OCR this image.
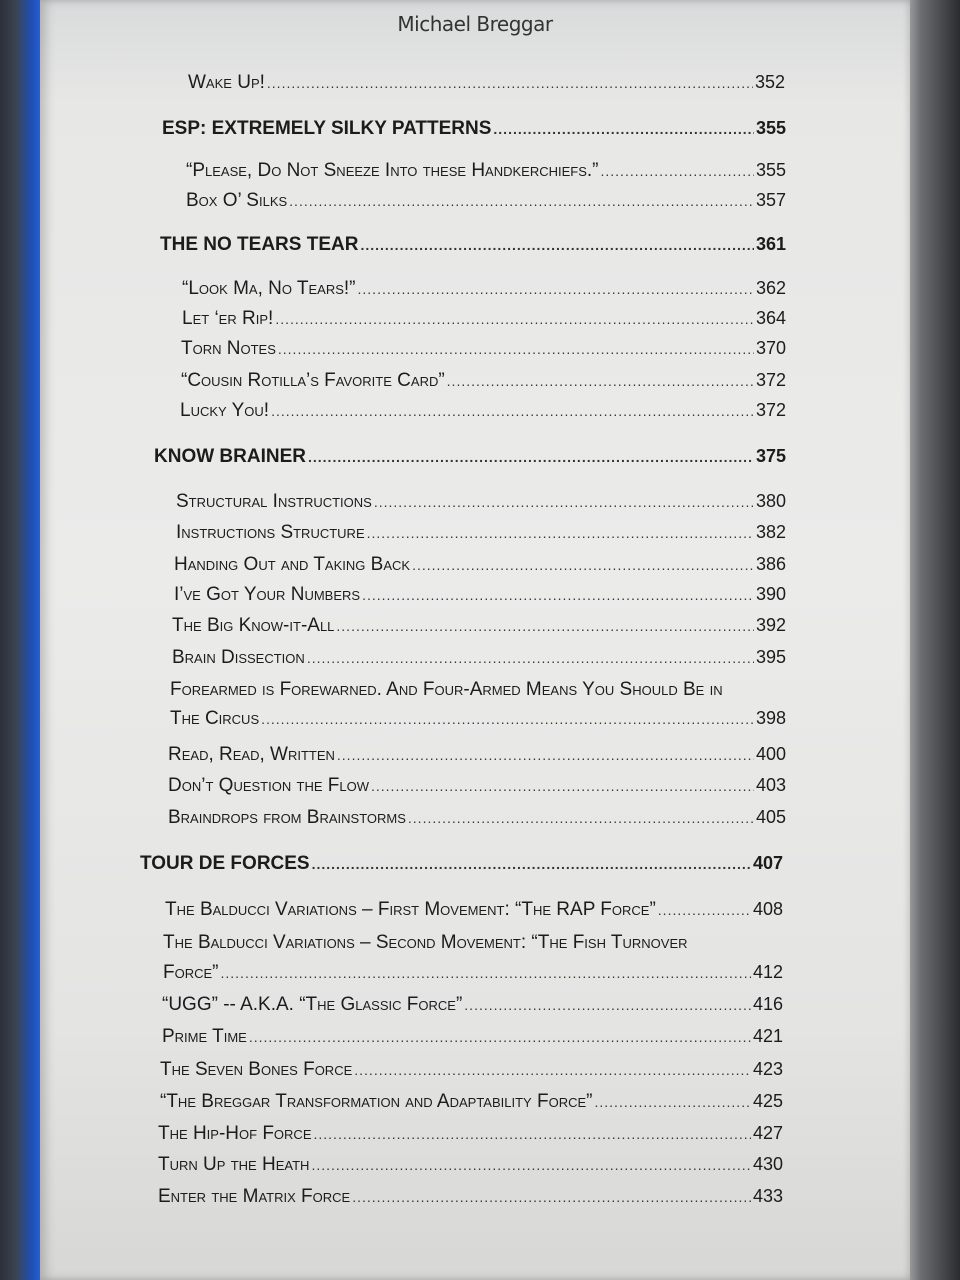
Michael Breggar
Wake Up! .....	352
ESP: EXTREMELY SILKY PATTERNS .....	355
“Please, Do Not Sneeze Into these Handkerchiefs.” .....	355
Box O’ Silks .....	357
THE NO TEARS TEAR .....	361
“Look Ma, No Tears!” .....	362
Let ‘er Rip! .....	364
Torn Notes .....	370
“Cousin Rotilla’s Favorite Card” .....	372
Lucky You! .....	372
KNOW BRAINER .....	375
Structural Instructions .....	380
Instructions Structure .....	382
Handing Out and Taking Back .....	386
I’ve Got Your Numbers .....	390
The Big Know-it-All .....	392
Brain Dissection .....	395
Forearmed is Forewarned. And Four-Armed Means You Should Be in
The Circus .....	398
Read, Read, Written .....	400
Don’t Question the Flow .....	403
Braindrops from Brainstorms .....	405
TOUR DE FORCES .....	407
The Balducci Variations – First Movement: “The RAP Force” .....	408
The Balducci Variations – Second Movement: “The Fish Turnover
Force” .....	412
“UGG” -- A.K.A. “The Glassic Force” .....	416
Prime Time .....	421
The Seven Bones Force .....	423
“The Breggar Transformation and Adaptability Force” .....	425
The Hip-Hof Force .....	427
Turn Up the Heath .....	430
Enter the Matrix Force .....	433
